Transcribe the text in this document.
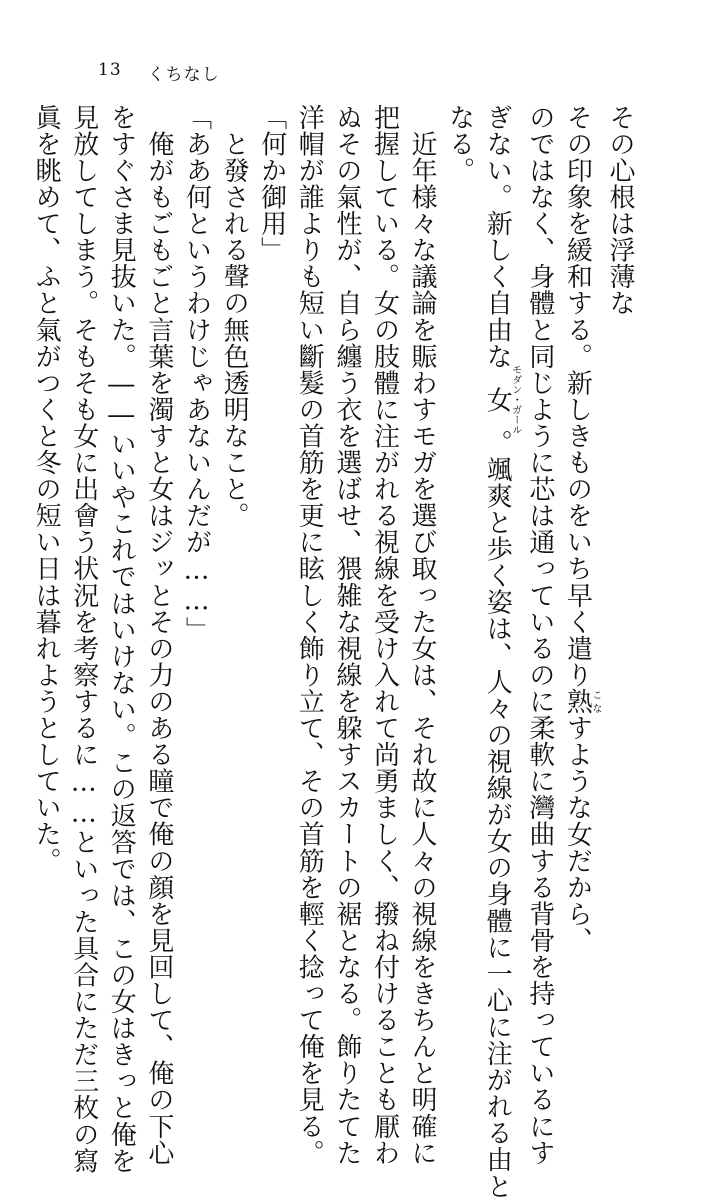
13 くちなし
その心根は浮薄な
その印象を緩和する。新しきものをいち早く遣り熟こなすような女だから、
のではなく、身體と同じように芯は通っているのに柔軟に灣曲する背骨を持っているにす
ぎない。新しく自由な女モダン・ガール。颯爽と歩く姿は、人々の視線が女の身體に一心に注がれる由と
なる。
　近年様々な議論を賑わすモガを選び取った女は、それ故に人々の視線をきちんと明確に
把握している。女の肢體に注がれる視線を受け入れて尚勇ましく、撥ね付けることも厭わ
ぬその氣性が、自ら纏う衣を選ばせ、猥雑な視線を躱すスカートの裾となる。飾りたてた
洋帽が誰よりも短い斷髮の首筋を更に眩しく飾り立て、その首筋を輕く捻って俺を見る。
「何か御用」
　と發される聲の無色透明なこと。
「ああ何というわけじゃあないんだが……」
　俺がもごもごと言葉を濁すと女はジッとその力のある瞳で俺の顔を見回して、俺の下心
をすぐさま見抜いた。――いいやこれではいけない。この返答では、この女はきっと俺を
見放してしまう。そもそも女に出會う状況を考察するに……といった具合にただ三枚の寫
眞を眺めて、ふと氣がつくと冬の短い日は暮れようとしていた。
